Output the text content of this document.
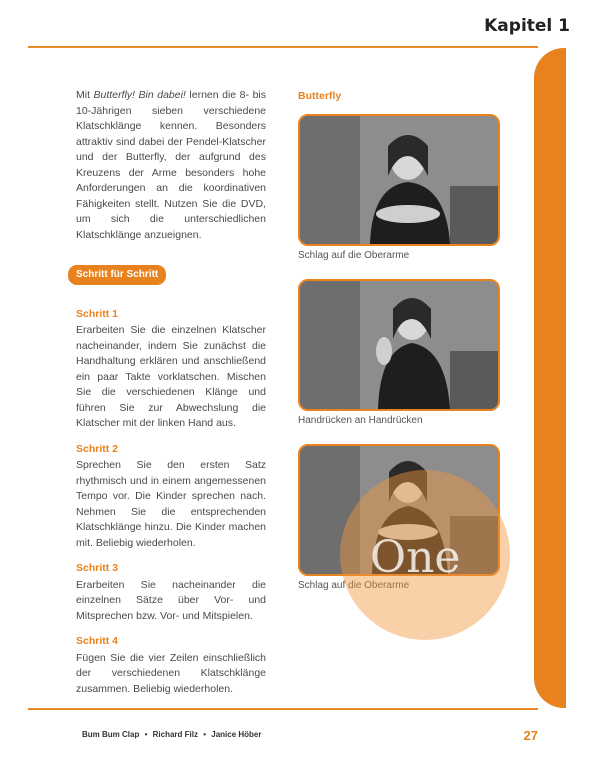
Kapitel 1

Mit Butterfly! Bin dabei! lernen die 8- bis 10-Jährigen sieben verschiedene Klatschklänge kennen. Besonders attraktiv sind dabei der Pendel-Klatscher und der Butterfly, der aufgrund des Kreuzens der Arme besonders hohe Anforderungen an die koordinativen Fähigkeiten stellt. Nutzen Sie die DVD, um sich die unterschiedlichen Klatschklänge anzueignen.

Schritt für Schritt
Schritt 1

Erarbeiten Sie die einzelnen Klatscher nacheinander, indem Sie zunächst die Handhaltung erklären und anschließend ein paar Takte vorklatschen. Mischen Sie die verschiedenen Klänge und führen Sie zur Abwechslung die Klatscher mit der linken Hand aus.

Schritt 2

Sprechen Sie den ersten Satz rhythmisch und in einem angemessenen Tempo vor. Die Kinder sprechen nach. Nehmen Sie die entsprechenden Klatschklänge hinzu. Die Kinder machen mit. Beliebig wiederholen.

Schritt 3

Erarbeiten Sie nacheinander die einzelnen Sätze über Vor- und Mitsprechen bzw. Vor- und Mitspielen.

Schritt 4

Fügen Sie die vier Zeilen einschließlich der verschiedenen Klatschklänge zusammen. Beliebig wiederholen.

Butterfly
Schlag auf die Oberarme
Handrücken an Handrücken
Schlag auf die Oberarme
One
Bum Bum Clap • Richard Filz • Janice Höber	27
